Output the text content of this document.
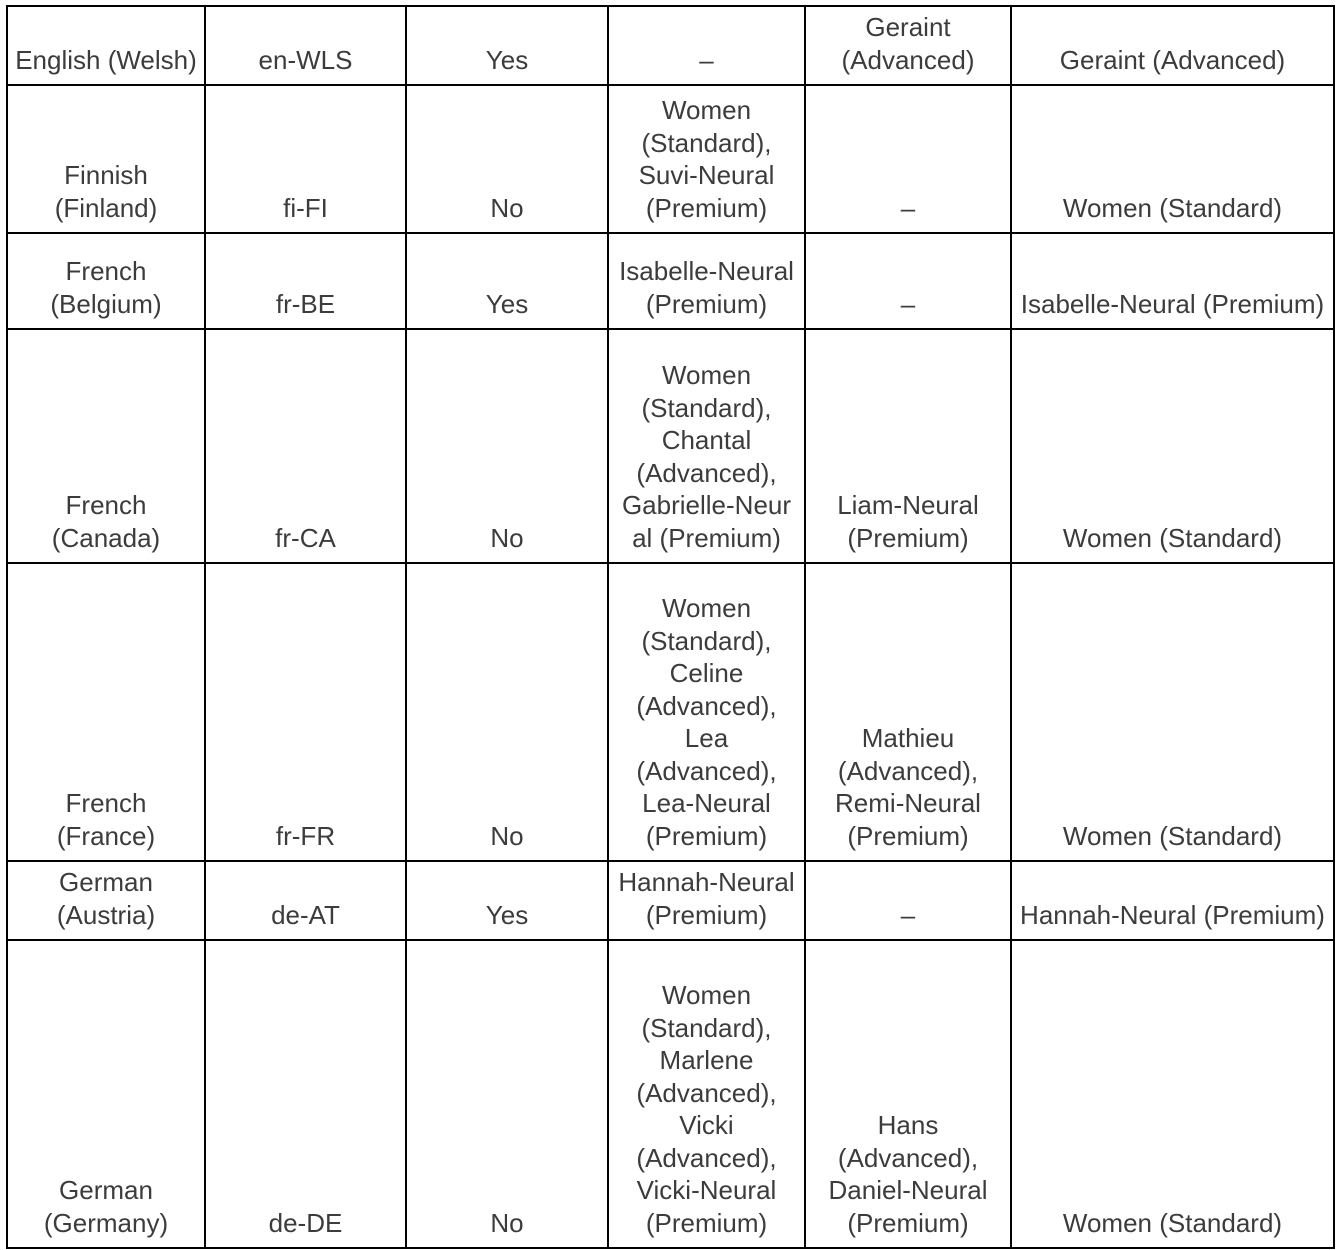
English (Welsh)	en-WLS	Yes	–	Geraint (Advanced)	Geraint (Advanced)
Finnish (Finland)	fi-FI	No	Women (Standard), Suvi-Neural (Premium)	–	Women (Standard)
French (Belgium)	fr-BE	Yes	Isabelle-Neural (Premium)	–	Isabelle-Neural (Premium)
French (Canada)	fr-CA	No	Women (Standard), Chantal (Advanced), Gabrielle‑Neural (Premium)	Liam-Neural (Premium)	Women (Standard)
French (France)	fr-FR	No	Women (Standard), Celine (Advanced), Lea (Advanced), Lea-Neural (Premium)	Mathieu (Advanced), Remi-Neural (Premium)	Women (Standard)
German (Austria)	de-AT	Yes	Hannah-Neural (Premium)	–	Hannah-Neural (Premium)
German (Germany)	de-DE	No	Women (Standard), Marlene (Advanced), Vicki (Advanced), Vicki-Neural (Premium)	Hans (Advanced), Daniel-Neural (Premium)	Women (Standard)
